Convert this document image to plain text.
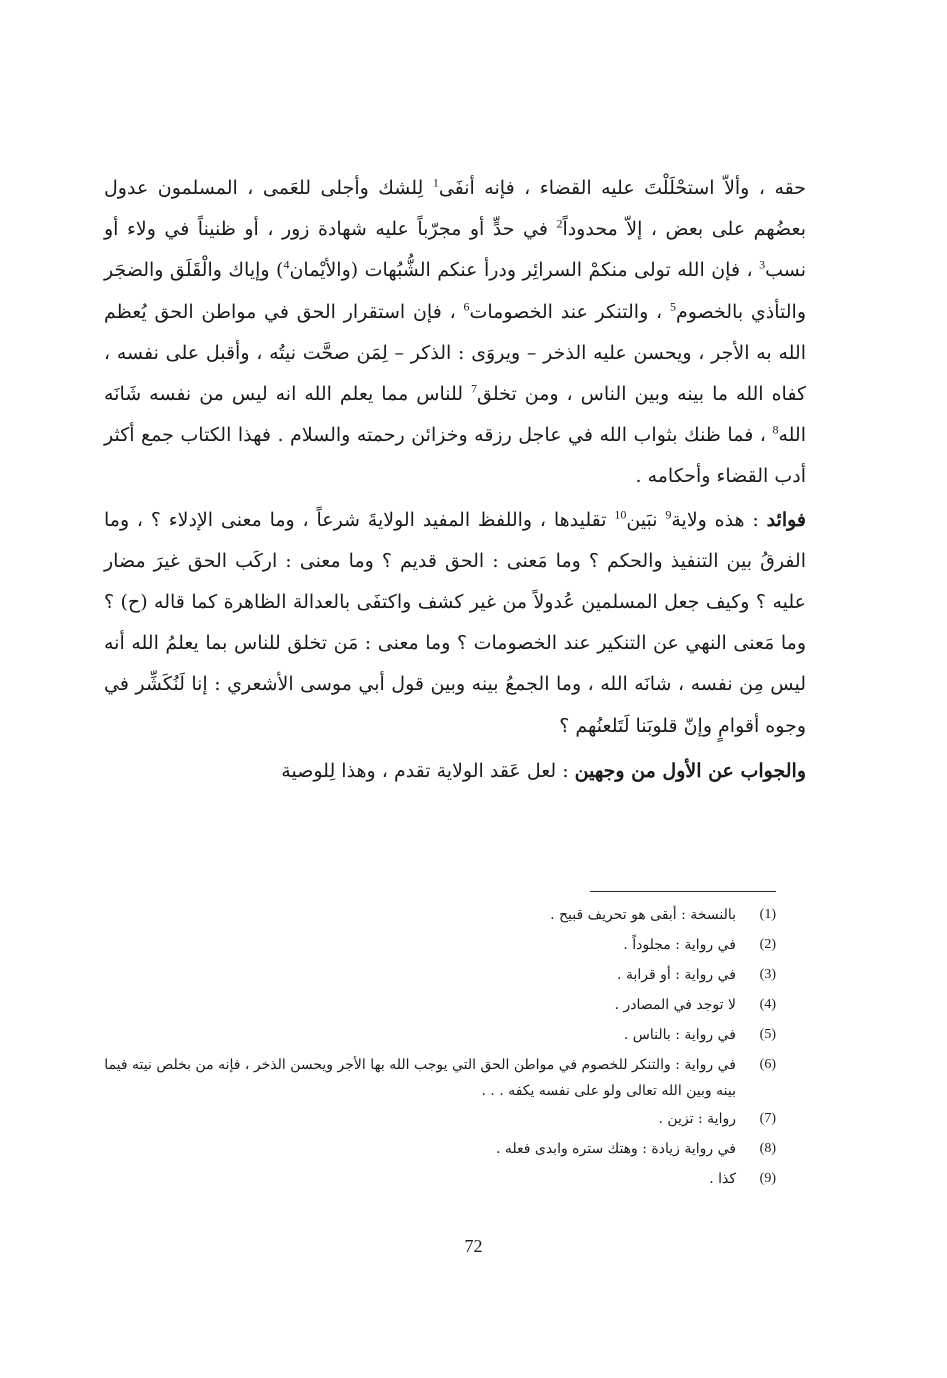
حقه ، وألاّ استحْلَلْتَ عليه القضاء ، فإنه أنفَى$^1$ لِلشك وأجلى للعَمى ، المسلمون عدول بعضُهم على بعض ، إلاّ محدوداً$^2$ في حدٍّ أو مجرّباً عليه شهادة زور ، أو ظنيناً في ولاء أو نسب$^3$ ، فإن الله تولى منكمْ السرائِر ودرأ عنكم الشُّبُهات (والأيْمان$^4$) وإياك والْقَلَق والضجَر والتأذي بالخصوم$^5$ ، والتنكر عند الخصومات$^6$ ، فإن استقرار الحق في مواطن الحق يُعظم الله به الأجر ، ويحسن عليه الذخر – ويروَى : الذكر – لِمَن صحَّت نيتُه ، وأقبل على نفسه ، كفاه الله ما بينه وبين الناس ، ومن تخلق$^7$ للناس مما يعلم الله انه ليس من نفسه شَانَه الله$^8$ ، فما ظنك بثواب الله في عاجل رزقه وخزائن رحمته والسلام . فهذا الكتاب جمع أكثر أدب القضاء وأحكامه .

فوائد : هذه ولاية$^9$ نبَين$^{10}$ تقليدها ، واللفظ المفيد الولايةَ شرعاً ، وما معنى الإدلاء ؟ ، وما الفرقُ بين التنفيذ والحكم ؟ وما مَعنى : الحق قديم ؟ وما معنى : اركَب الحق غيرَ مضار عليه ؟ وكيف جعل المسلمين عُدولاً من غير كشف واكتفَى بالعدالة الظاهرة كما قاله (ح) ؟ وما مَعنى النهي عن التنكير عند الخصومات ؟ وما معنى : مَن تخلق للناس بما يعلمُ الله أنه ليس مِن نفسه ، شانَه الله ، وما الجمعُ بينه وبين قول أبي موسى الأشعري : إنا لَنُكَشِّر في وجوه أقوامٍ وإنّ قلوبَنا لَتَلعنُهم ؟

والجواب عن الأول من وجهين : لعل عَقد الولاية تقدم ، وهذا لِلوصية

(1)
بالنسخة : أبقى هو تحريف قبيح .
(2)
في رواية : مجلوداً .
(3)
في رواية : أو قرابة .
(4)
لا توجد في المصادر .
(5)
في رواية : بالناس .
(6)
في رواية : والتنكر للخصوم في مواطن الحق التي يوجب الله بها الأجر ويحسن الذخر ، فإنه من بخلص نيته فيما بينه وبين الله تعالى ولو على نفسه يكفه . . .
(7)
رواية : تزين .
(8)
في رواية زيادة : وهتك ستره وابدى فعله .
(9)
كذا .
72
